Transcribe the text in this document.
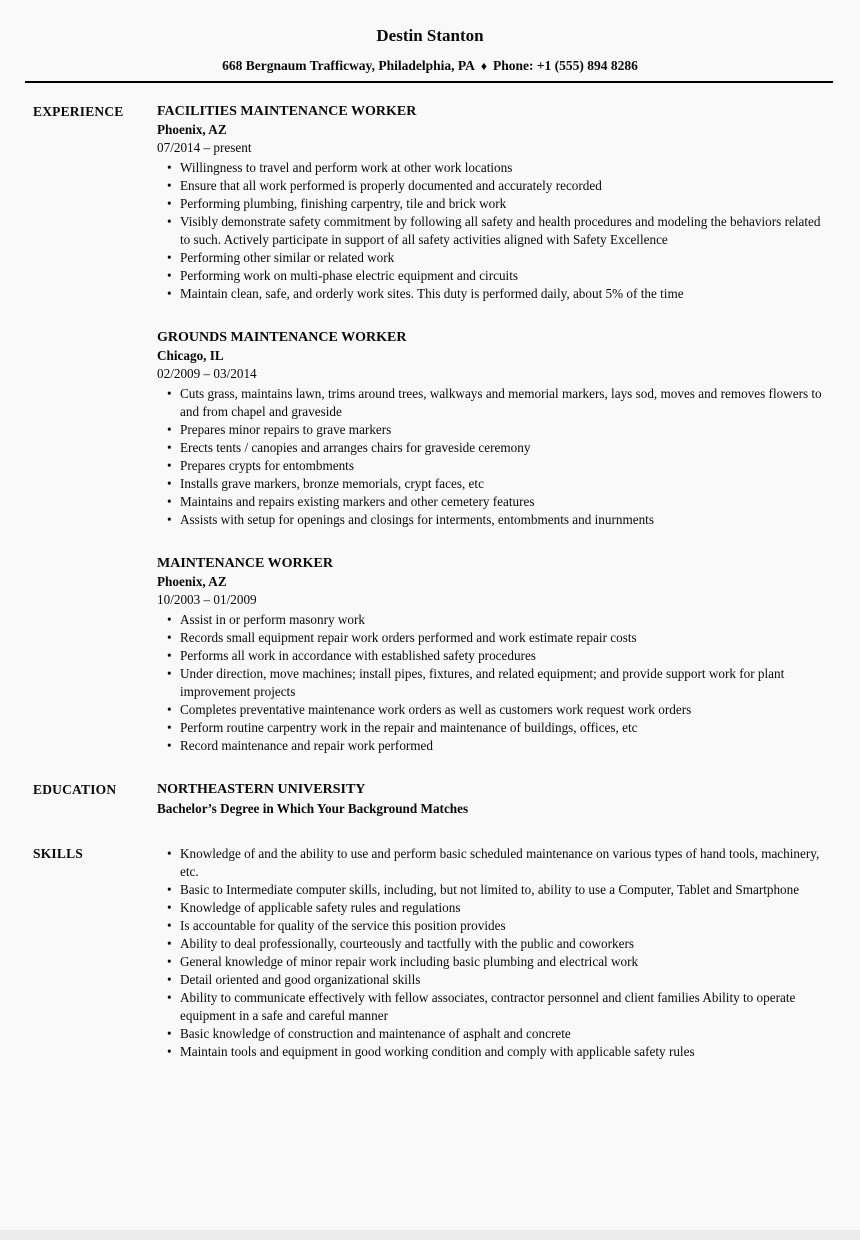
Destin Stanton
668 Bergnaum Trafficway, Philadelphia, PA ♦ Phone: +1 (555) 894 8286
EXPERIENCE	FACILITIES MAINTENANCE WORKER
Phoenix, AZ
07/2014 – present
• Willingness to travel and perform work at other work locations
• Ensure that all work performed is properly documented and accurately recorded
• Performing plumbing, finishing carpentry, tile and brick work
• Visibly demonstrate safety commitment by following all safety and health procedures and modeling the behaviors related to such. Actively participate in support of all safety activities aligned with Safety Excellence
• Performing other similar or related work
• Performing work on multi-phase electric equipment and circuits
• Maintain clean, safe, and orderly work sites. This duty is performed daily, about 5% of the time
GROUNDS MAINTENANCE WORKER
Chicago, IL
02/2009 – 03/2014
• Cuts grass, maintains lawn, trims around trees, walkways and memorial markers, lays sod, moves and removes flowers to and from chapel and graveside
• Prepares minor repairs to grave markers
• Erects tents / canopies and arranges chairs for graveside ceremony
• Prepares crypts for entombments
• Installs grave markers, bronze memorials, crypt faces, etc
• Maintains and repairs existing markers and other cemetery features
• Assists with setup for openings and closings for interments, entombments and inurnments
MAINTENANCE WORKER
Phoenix, AZ
10/2003 – 01/2009
• Assist in or perform masonry work
• Records small equipment repair work orders performed and work estimate repair costs
• Performs all work in accordance with established safety procedures
• Under direction, move machines; install pipes, fixtures, and related equipment; and provide support work for plant improvement projects
• Completes preventative maintenance work orders as well as customers work request work orders
• Perform routine carpentry work in the repair and maintenance of buildings, offices, etc
• Record maintenance and repair work performed
EDUCATION	NORTHEASTERN UNIVERSITY
Bachelor’s Degree in Which Your Background Matches
SKILLS	• Knowledge of and the ability to use and perform basic scheduled maintenance on various types of hand tools, machinery, etc.
• Basic to Intermediate computer skills, including, but not limited to, ability to use a Computer, Tablet and Smartphone
• Knowledge of applicable safety rules and regulations
• Is accountable for quality of the service this position provides
• Ability to deal professionally, courteously and tactfully with the public and coworkers
• General knowledge of minor repair work including basic plumbing and electrical work
• Detail oriented and good organizational skills
• Ability to communicate effectively with fellow associates, contractor personnel and client families Ability to operate equipment in a safe and careful manner
• Basic knowledge of construction and maintenance of asphalt and concrete
• Maintain tools and equipment in good working condition and comply with applicable safety rules
